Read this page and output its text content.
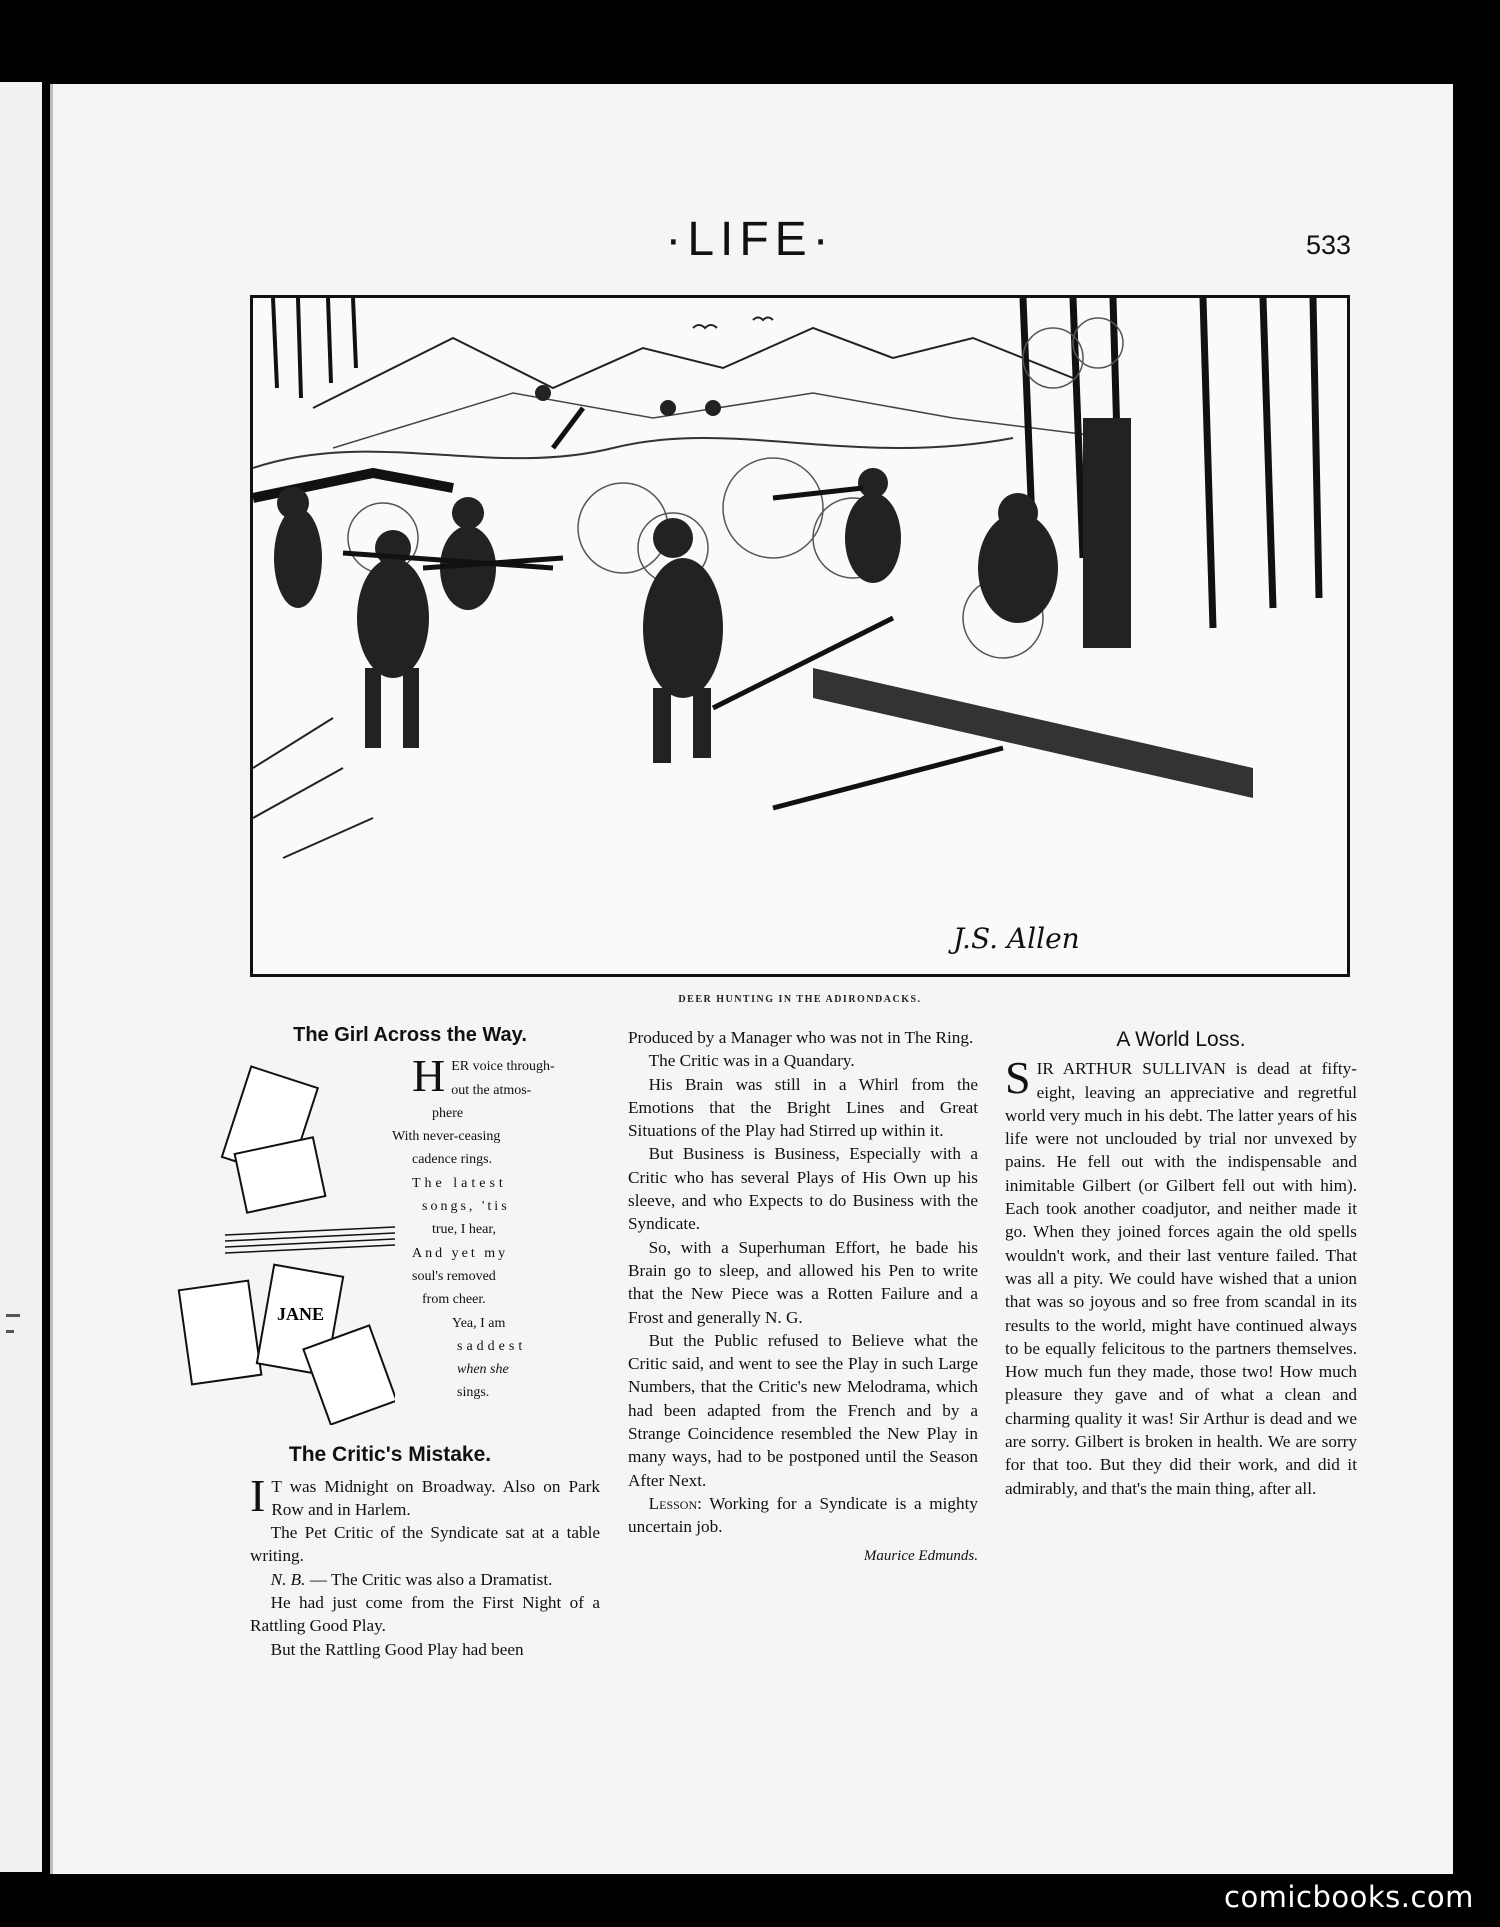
·LIFE·	533
J.S. Allen
DEER HUNTING IN THE ADIRONDACKS.
The Girl Across the Way.
JANE
H ER voice through-
out the atmos-
phere
With never-ceasing
cadence rings.
The latest
songs, 'tis
true, I hear,
And yet my
soul's removed
from cheer.
Yea, I am
saddest
when she
sings.
The Critic's Mistake.

I T was Midnight on Broadway. Also on Park Row and in Harlem.

The Pet Critic of the Syndicate sat at a table writing.

N. B. — The Critic was also a Dramatist.

He had just come from the First Night of a Rattling Good Play.

But the Rattling Good Play had been

Produced by a Manager who was not in The Ring.

The Critic was in a Quandary.

His Brain was still in a Whirl from the Emotions that the Bright Lines and Great Situations of the Play had Stirred up within it.

But Business is Business, Especially with a Critic who has several Plays of His Own up his sleeve, and who Expects to do Business with the Syndicate.

So, with a Superhuman Effort, he bade his Brain go to sleep, and allowed his Pen to write that the New Piece was a Rotten Failure and a Frost and generally N. G.

But the Public refused to Believe what the Critic said, and went to see the Play in such Large Numbers, that the Critic's new Melodrama, which had been adapted from the French and by a Strange Coincidence resembled the New Play in many ways, had to be postponed until the Season After Next.

Lesson: Working for a Syndicate is a mighty uncertain job.

Maurice Edmunds.
A World Loss.

SIR ARTHUR SULLIVAN is dead at fifty-eight, leaving an appreciative and regretful world very much in his debt. The latter years of his life were not unclouded by trial nor unvexed by pains. He fell out with the indispensable and inimitable Gilbert (or Gilbert fell out with him). Each took another coadjutor, and neither made it go. When they joined forces again the old spells wouldn't work, and their last venture failed. That was all a pity. We could have wished that a union that was so joyous and so free from scandal in its results to the world, might have continued always to be equally felicitous to the partners themselves. How much fun they made, those two! How much pleasure they gave and of what a clean and charming quality it was! Sir Arthur is dead and we are sorry. Gilbert is broken in health. We are sorry for that too. But they did their work, and did it admirably, and that's the main thing, after all.

comicbooks.com
